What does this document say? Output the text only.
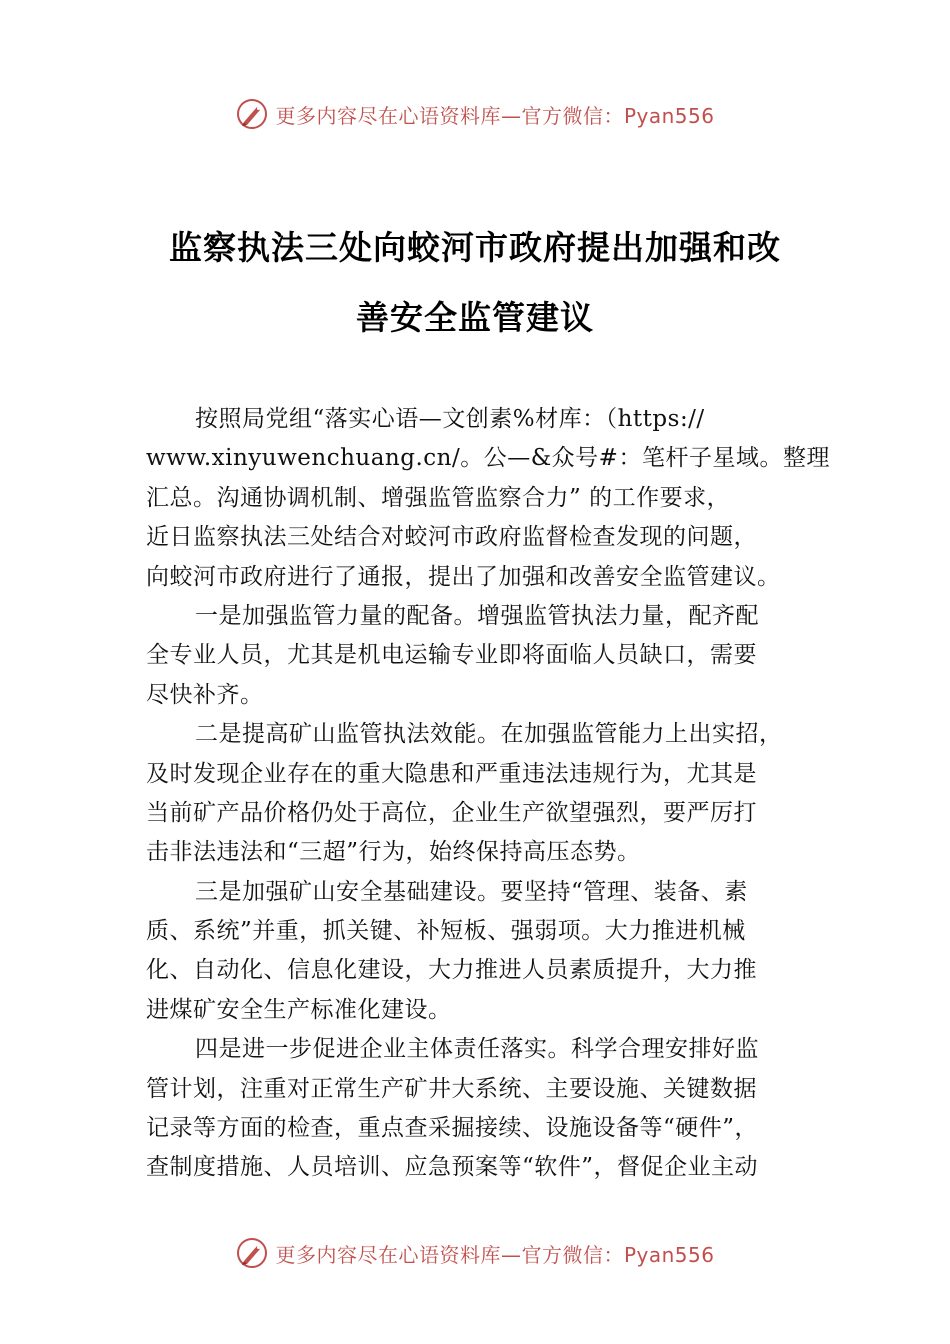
更多内容尽在心语资料库—官方微信：Pyan556
监察执法三处向蛟河市政府提出加强和改
善安全监管建议
按照局党组“落实心语—文创素%材库：（https://
www.xinyuwenchuang.cn/。公—&众号#：笔杆子星域。整理
汇总。沟通协调机制、增强监管监察合力” 的工作要求，
近日监察执法三处结合对蛟河市政府监督检查发现的问题，
向蛟河市政府进行了通报，提出了加强和改善安全监管建议。
一是加强监管力量的配备。增强监管执法力量，配齐配
全专业人员，尤其是机电运输专业即将面临人员缺口，需要
尽快补齐。
二是提高矿山监管执法效能。在加强监管能力上出实招，
及时发现企业存在的重大隐患和严重违法违规行为，尤其是
当前矿产品价格仍处于高位，企业生产欲望强烈，要严厉打
击非法违法和“三超”行为，始终保持高压态势。
三是加强矿山安全基础建设。要坚持“管理、装备、素
质、系统”并重，抓关键、补短板、强弱项。大力推进机械
化、自动化、信息化建设，大力推进人员素质提升，大力推
进煤矿安全生产标准化建设。
四是进一步促进企业主体责任落实。科学合理安排好监
管计划，注重对正常生产矿井大系统、主要设施、关键数据
记录等方面的检查，重点查采掘接续、设施设备等“硬件”，
查制度措施、人员培训、应急预案等“软件”，督促企业主动
更多内容尽在心语资料库—官方微信：Pyan556
